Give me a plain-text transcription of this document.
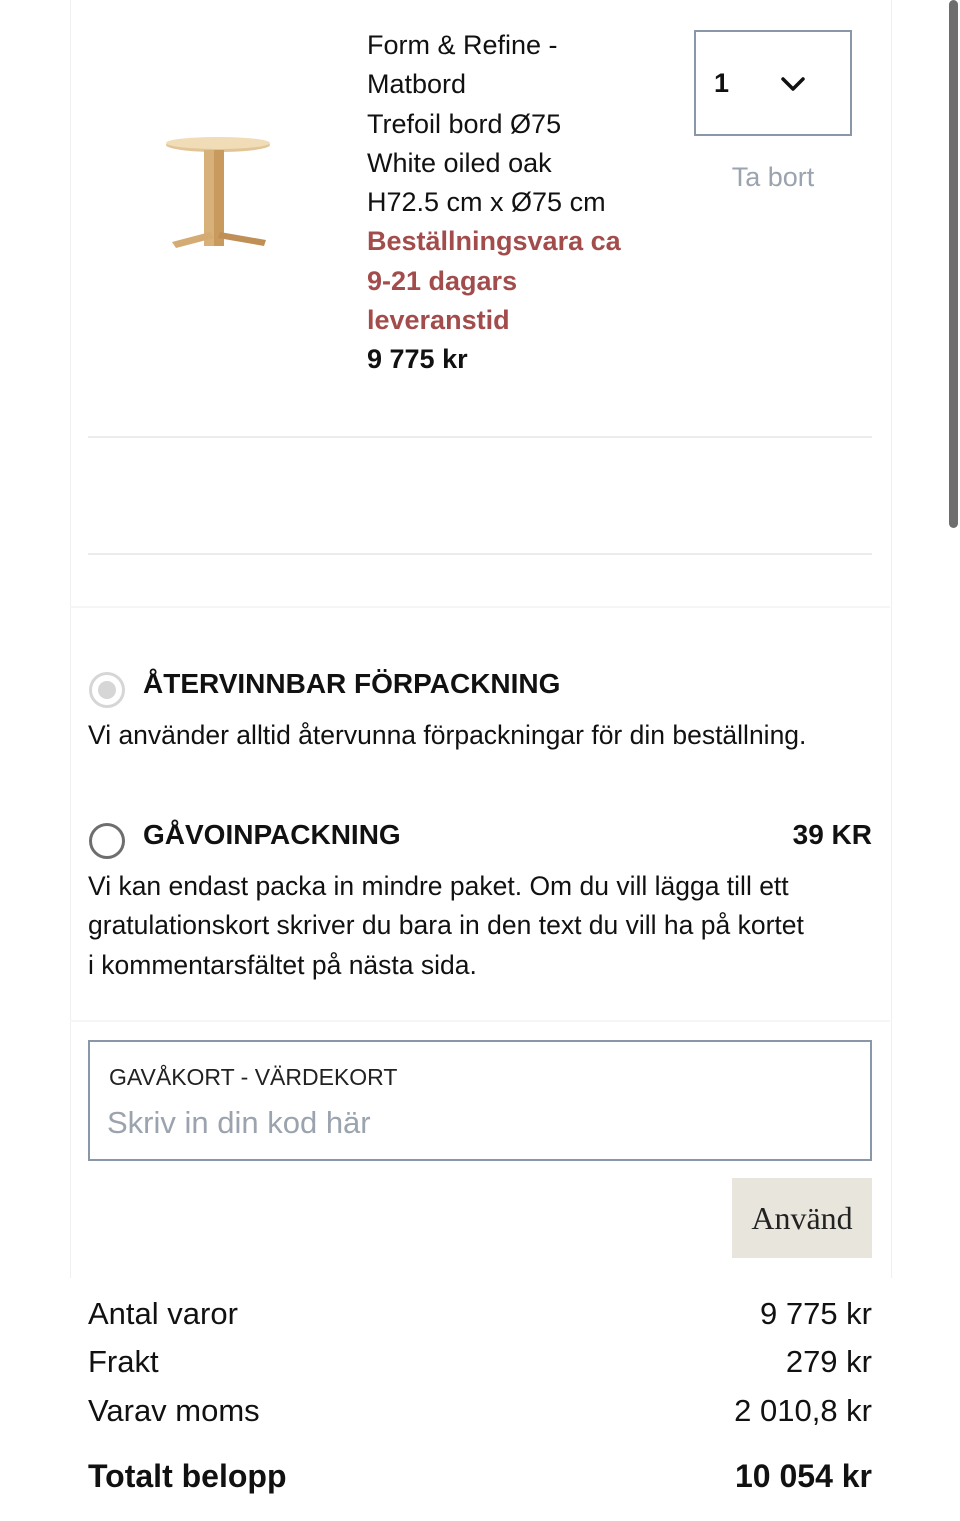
Form & Refine -
Matbord
Trefoil bord Ø75
White oiled oak
H72.5 cm x Ø75 cm
Beställningsvara ca
9-21 dagars
leveranstid
9 775 kr
1
Ta bort
ÅTERVINNBAR FÖRPACKNING
Vi använder alltid återvunna förpackningar för din beställning.
GÅVOINPACKNING	39 KR
Vi kan endast packa in mindre paket. Om du vill lägga till ett
gratulationskort skriver du bara in den text du vill ha på kortet
i kommentarsfältet på nästa sida.
GAVÅKORT - VÄRDEKORT
Skriv in din kod här
Använd
Antal varor	9 775 kr
Frakt	279 kr
Varav moms	2 010,8 kr
Totalt belopp	10 054 kr
